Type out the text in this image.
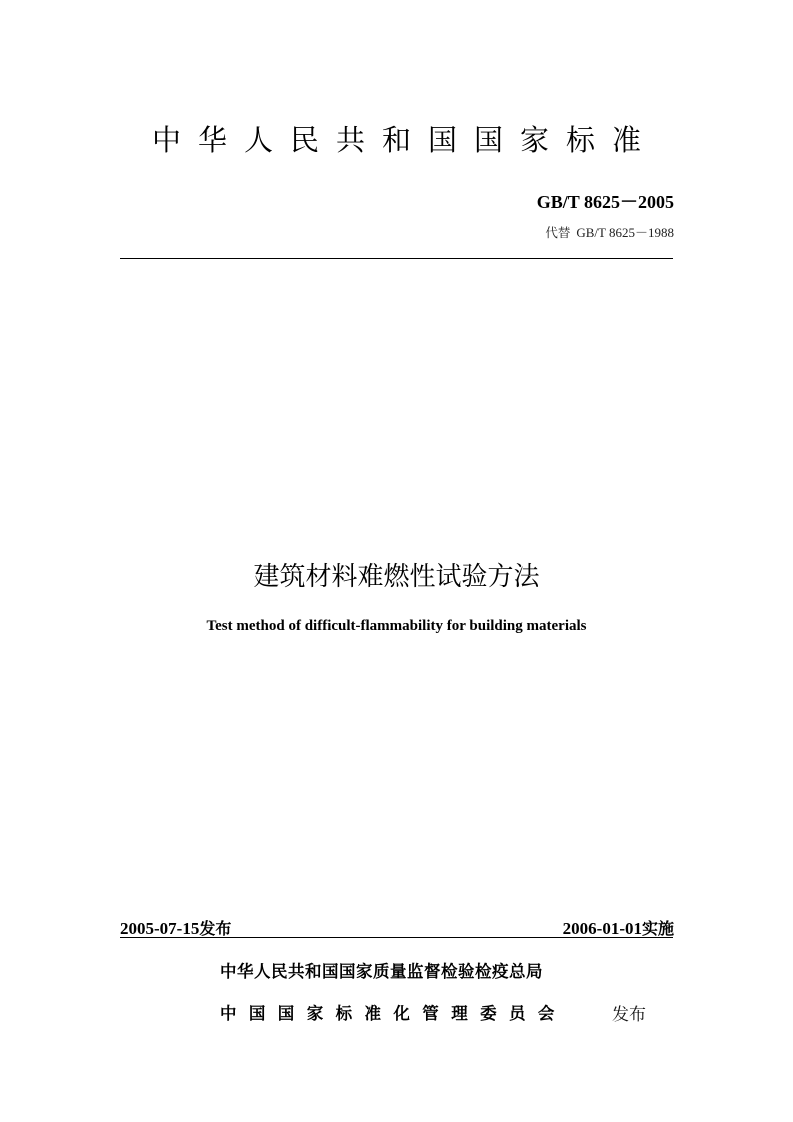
中华人民共和国国家标准
GB/T 8625－2005
代替 GB/T 8625－1988
建筑材料难燃性试验方法
Test method of difficult-flammability for building materials
2005-07-15发布	2006-01-01实施
中华人民共和国国家质量监督检验检疫总局
中国国家标准化管理委员会	发布
